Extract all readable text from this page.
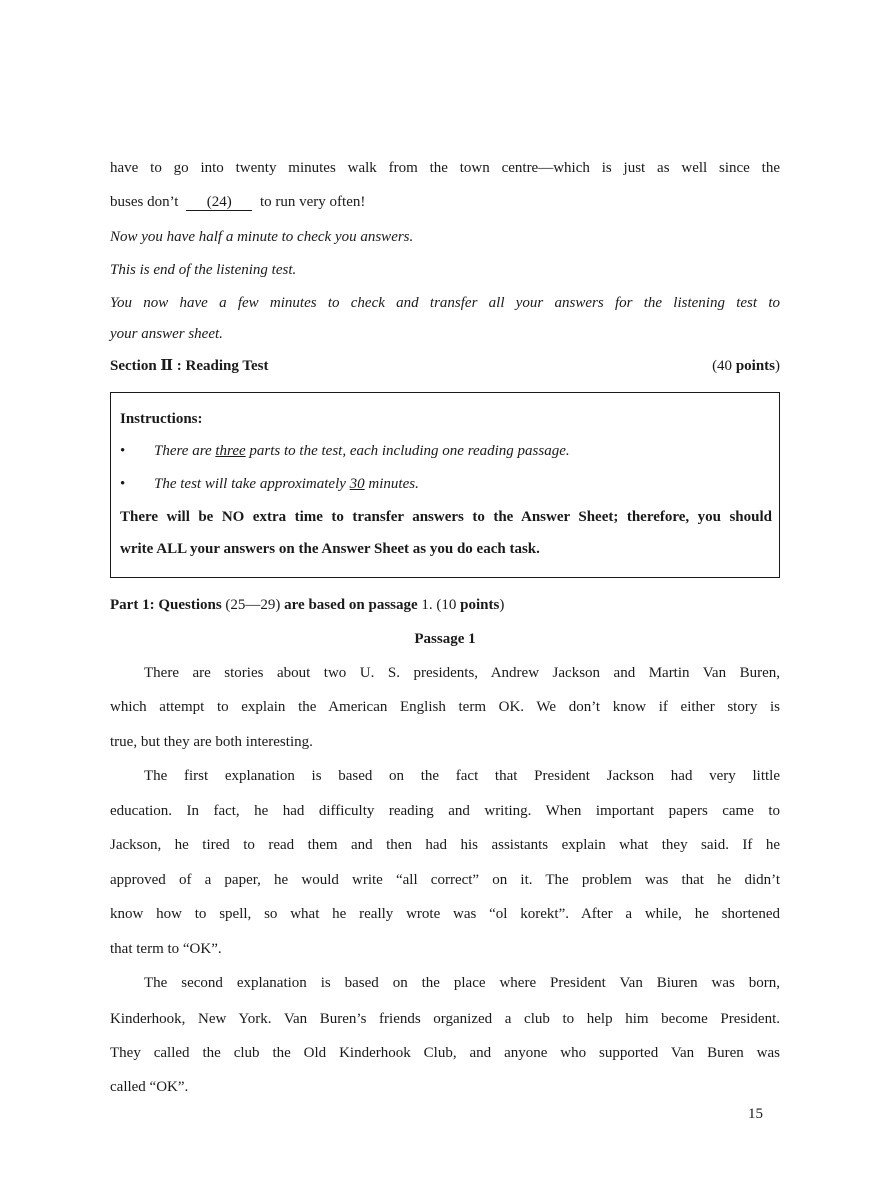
have to go into twenty minutes walk from the town centre—which is just as well since the
buses don’t (24) to run very often!
Now you have half a minute to check you answers.
This is end of the listening test.
You now have a few minutes to check and transfer all your answers for the listening test to
your answer sheet.
Section Ⅱ : Reading Test	(40 points)
Instructions:
• There are three parts to the test, each including one reading passage.
• The test will take approximately 30 minutes.
There will be NO extra time to transfer answers to the Answer Sheet; therefore, you should
write ALL your answers on the Answer Sheet as you do each task.
Part 1: Questions (25—29) are based on passage 1. (10 points)
Passage 1
There are stories about two U. S. presidents, Andrew Jackson and Martin Van Buren,
which attempt to explain the American English term OK. We don’t know if either story is
true, but they are both interesting.
The first explanation is based on the fact that President Jackson had very little
education. In fact, he had difficulty reading and writing. When important papers came to
Jackson, he tired to read them and then had his assistants explain what they said. If he
approved of a paper, he would write “all correct” on it. The problem was that he didn’t
know how to spell, so what he really wrote was “ol korekt”. After a while, he shortened
that term to “OK”.
The second explanation is based on the place where President Van Biuren was born,
Kinderhook, New York. Van Buren’s friends organized a club to help him become President.
They called the club the Old Kinderhook Club, and anyone who supported Van Buren was
called “OK”.
15
